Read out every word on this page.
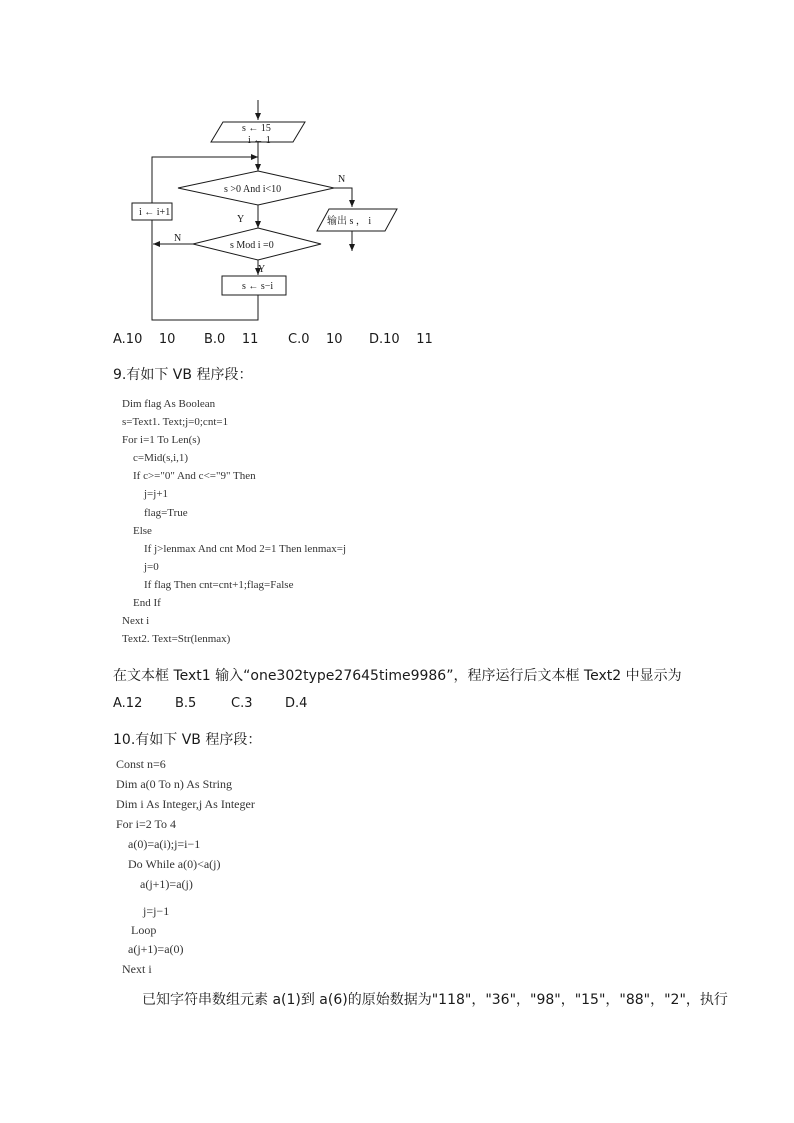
s ← 15
i ← 1
s >0 And i<10
N
Y	输出 s ， i
s Mod i =0
N
Y
s ← s−i
i ← i+1
A.10    10 B.0    11 C.0    10 D.10    11
9.有如下 VB 程序段：
Dim flag As Boolean
s=Text1. Text;j=0;cnt=1
For i=1 To Len(s)
c=Mid(s,i,1)
If c>="0" And c<="9" Then
j=j+1
flag=True
Else
If j>lenmax And cnt Mod 2=1 Then lenmax=j
j=0
If flag Then cnt=cnt+1;flag=False
End If
Next i
Text2. Text=Str(lenmax)
在文本框 Text1 输入“one302type27645time9986”，程序运行后文本框 Text2 中显示为
A.12	B.5	C.3	D.4
10.有如下 VB 程序段：
Const n=6
Dim a(0 To n) As String
Dim i As Integer,j As Integer
For i=2 To 4
a(0)=a(i);j=i−1
Do While a(0)<a(j)
a(j+1)=a(j)
j=j−1
Loop
a(j+1)=a(0)
Next i
已知字符串数组元素 a(1)到 a(6)的原始数据为"118"，"36"，"98"，"15"，"88"，"2"，执行
